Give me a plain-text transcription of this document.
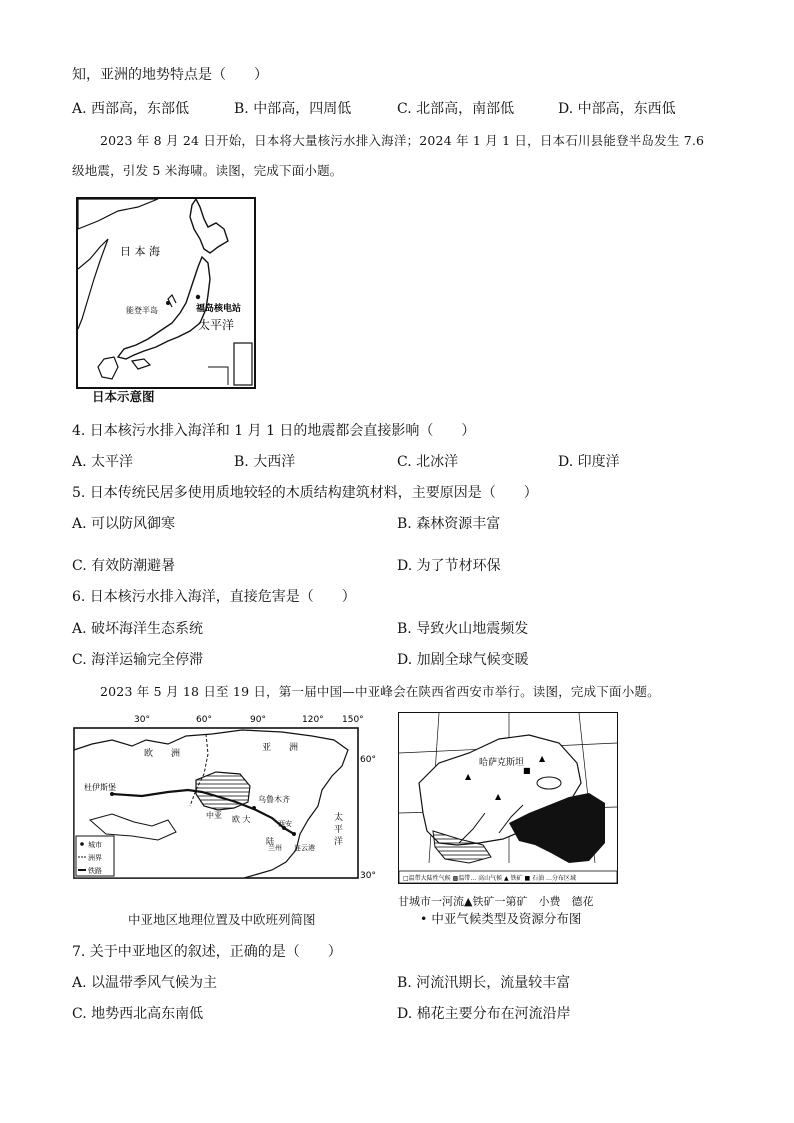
知，亚洲的地势特点是（　　）
A. 西部高，东部低	B. 中部高，四周低	C. 北部高，南部低	D. 中部高，东西低
2023 年 8 月 24 日开始，日本将大量核污水排入海洋；2024 年 1 月 1 日，日本石川县能登半岛发生 7.6
级地震，引发 5 米海啸。读图，完成下面小题。
日 本 海
能登半岛	福岛核电站
太平洋
日本示意图
4. 日本核污水排入海洋和 1 月 1 日的地震都会直接影响（　　）
A. 太平洋	B. 大西洋	C. 北冰洋	D. 印度洋
5. 日本传统民居多使用质地较轻的木质结构建筑材料，主要原因是（　　）
A. 可以防风御寒	B. 森林资源丰富
C. 有效防潮避暑	D. 为了节材环保
6. 日本核污水排入海洋，直接危害是（　　）
A. 破坏海洋生态系统	B. 导致火山地震频发
C. 海洋运输完全停滞	D. 加剧全球气候变暖
2023 年 5 月 18 日至 19 日，第一届中国—中亚峰会在陕西省西安市举行。读图，完成下面小题。
30°	60°	90°	120° 150°
60°
30°
欧　　洲
亚　　洲
杜伊斯堡
乌鲁木齐
中亚 欧 大
陆
西安
兰州 连云港
太
平
洋
城市
洲界
铁路
中亚地区地理位置及中欧班列简图
▲
▲
■
▲
哈萨克斯坦
□温带大陆性气候 ▩温带… 高山气候 ▲ 铁矿 ■ 石油 …分布区域
甘城市一河流▲铁矿一第矿　小费　德花
• 中亚气候类型及资源分布图
7. 关于中亚地区的叙述，正确的是（　　）
A. 以温带季风气候为主	B. 河流汛期长，流量较丰富
C. 地势西北高东南低	D. 棉花主要分布在河流沿岸
